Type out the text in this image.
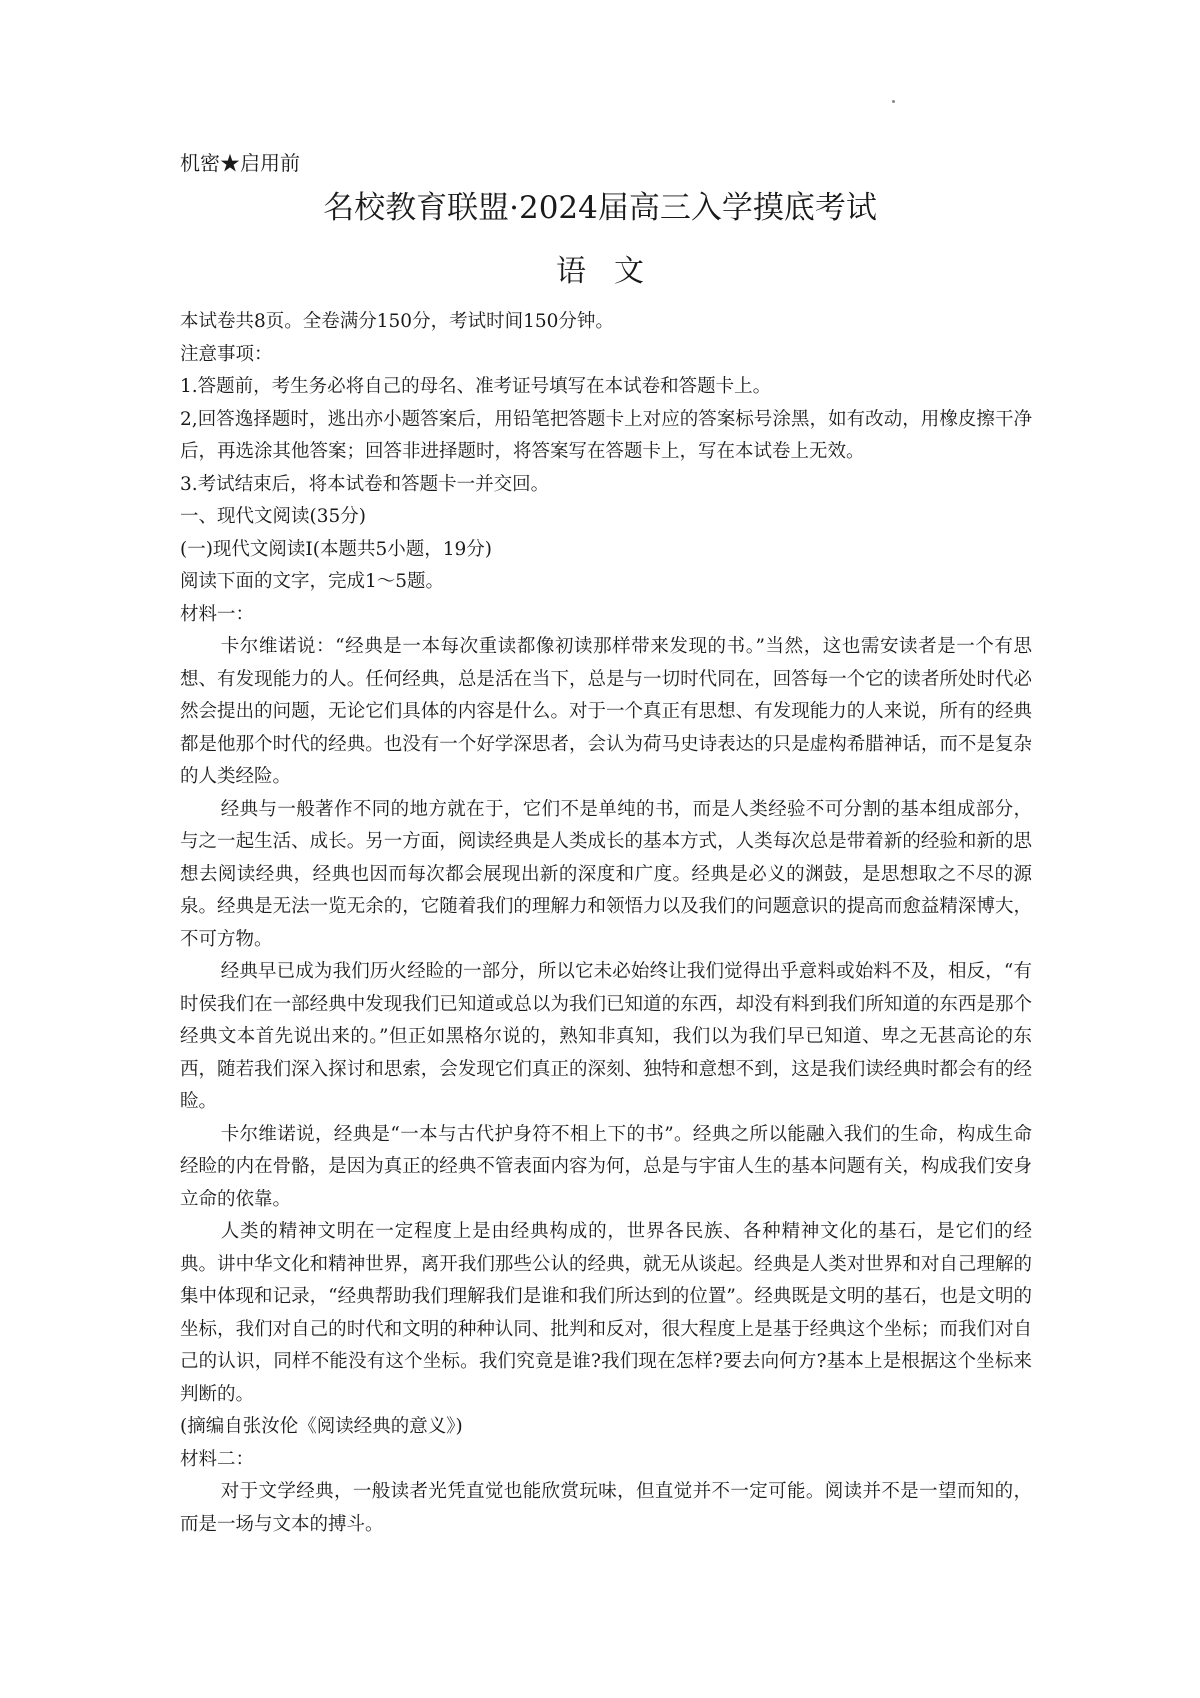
机密★启用前
名校教育联盟·2024届高三入学摸底考试
语文

本试卷共8页。全卷满分150分，考试时间150分钟。

注意事项：

1.答题前，考生务必将自己的母名、准考证号填写在本试卷和答题卡上。

2,回答逸择题时，逃出亦小题答案后，用铅笔把答题卡上对应的答案标号涂黑，如有改动，用橡皮擦干净后，再选涂其他答案；回答非进择题时，将答案写在答题卡上，写在本试卷上无效。

3.考试结束后，将本试卷和答题卡一并交回。

一、现代文阅读(35分)

(一)现代文阅读I(本题共5小题，19分)

阅读下面的文字，完成1～5题。

材料一：

卡尔维诺说：“经典是一本每次重读都像初读那样带来发现的书。”当然，这也需安读者是一个有思想、有发现能力的人。任何经典，总是活在当下，总是与一切时代同在，回答每一个它的读者所处时代必然会提出的问题，无论它们具体的内容是什么。对于一个真正有思想、有发现能力的人来说，所有的经典都是他那个时代的经典。也没有一个好学深思者，会认为荷马史诗表达的只是虚构希腊神话，而不是复杂的人类经险。

经典与一般著作不同的地方就在于，它们不是单纯的书，而是人类经验不可分割的基本组成部分，与之一起生活、成长。另一方面，阅读经典是人类成长的基本方式，人类每次总是带着新的经验和新的思想去阅读经典，经典也因而每次都会展现出新的深度和广度。经典是必义的渊鼓，是思想取之不尽的源泉。经典是无法一览无余的，它随着我们的理解力和领悟力以及我们的问题意识的提高而愈益精深博大，不可方物。

经典早已成为我们历火经睑的一部分，所以它未必始终让我们觉得出乎意料或始料不及，相反，“有时侯我们在一部经典中发现我们已知道或总以为我们已知道的东西，却没有料到我们所知道的东西是那个经典文本首先说出来的。”但正如黑格尔说的，熟知非真知，我们以为我们早已知道、卑之无甚高论的东西，随若我们深入探讨和思索，会发现它们真正的深刻、独特和意想不到，这是我们读经典时都会有的经睑。

卡尔维诺说，经典是“一本与古代护身符不相上下的书”。经典之所以能融入我们的生命，构成生命经睑的内在骨骼，是因为真正的经典不管表面内容为何，总是与宇宙人生的基本问题有关，构成我们安身立命的依靠。

人类的精神文明在一定程度上是由经典构成的，世界各民族、各种精神文化的基石，是它们的经典。讲中华文化和精神世界，离开我们那些公认的经典，就无从谈起。经典是人类对世界和对自己理解的集中体现和记录，“经典帮助我们理解我们是谁和我们所达到的位置”。经典既是文明的基石，也是文明的坐标，我们对自己的时代和文明的种种认同、批判和反对，很大程度上是基于经典这个坐标；而我们对自己的认识，同样不能没有这个坐标。我们究竟是谁?我们现在怎样?要去向何方?基本上是根据这个坐标来判断的。

(摘编自张汝伦《阅读经典的意义》)

材料二：

对于文学经典，一般读者光凭直觉也能欣赏玩味，但直觉并不一定可能。阅读并不是一望而知的，而是一场与文本的搏斗。
